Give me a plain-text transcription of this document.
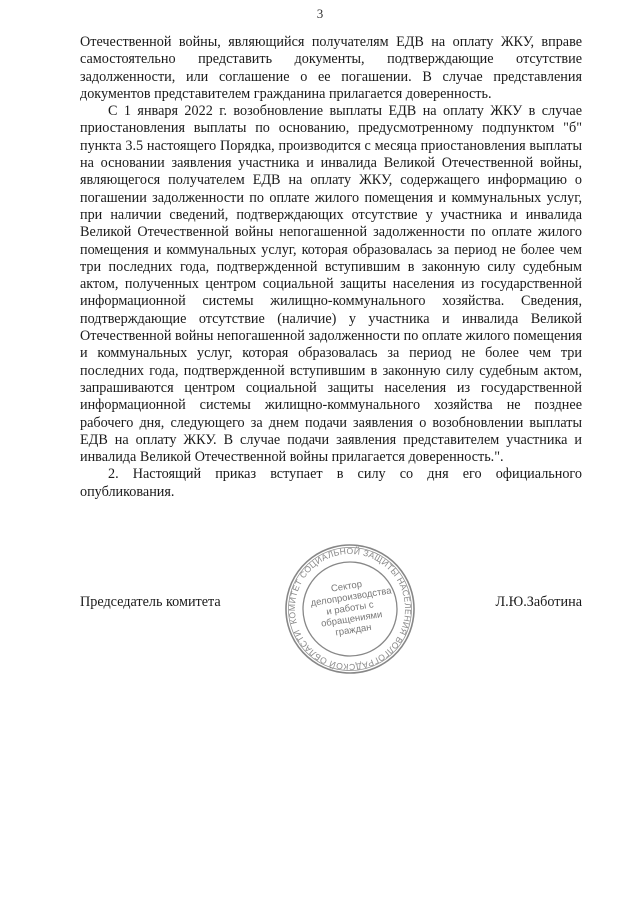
3

Отечественной войны, являющийся получателям ЕДВ на оплату ЖКУ, вправе самостоятельно представить документы, подтверждающие отсутствие задолженности, или соглашение о ее погашении. В случае представления документов представителем гражданина прилагается доверенность.

С 1 января 2022 г. возобновление выплаты ЕДВ на оплату ЖКУ в случае приостановления выплаты по основанию, предусмотренному подпунктом "б" пункта 3.5 настоящего Порядка, производится с месяца приостановления выплаты на основании заявления участника и инвалида Великой Отечественной войны, являющегося получателем ЕДВ на оплату ЖКУ, содержащего информацию о погашении задолженности по оплате жилого помещения и коммунальных услуг, при наличии сведений, подтверждающих отсутствие у участника и инвалида Великой Отечественной войны непогашенной задолженности по оплате жилого помещения и коммунальных услуг, которая образовалась за период не более чем три последних года, подтвержденной вступившим в законную силу судебным актом, полученных центром социальной защиты населения из государственной информационной системы жилищно-коммунального хозяйства. Сведения, подтверждающие отсутствие (наличие) у участника и инвалида Великой Отечественной войны непогашенной задолженности по оплате жилого помещения и коммунальных услуг, которая образовалась за период не более чем три последних года, подтвержденной вступившим в законную силу судебным актом, запрашиваются центром социальной защиты населения из государственной информационной системы жилищно-коммунального хозяйства не позднее рабочего дня, следующего за днем подачи заявления о возобновлении выплаты ЕДВ на оплату ЖКУ. В случае подачи заявления представителем участника и инвалида Великой Отечественной войны прилагается доверенность.".

2. Настоящий приказ вступает в силу со дня его официального опубликования.

Председатель комитета	Л.Ю.Заботина
КОМИТЕТ СОЦИАЛЬНОЙ ЗАЩИТЫ НАСЕЛЕНИЯ ВОЛГОГРАДСКОЙ ОБЛАСТИ
Сектор делопроизводства и работы с обращениями граждан
